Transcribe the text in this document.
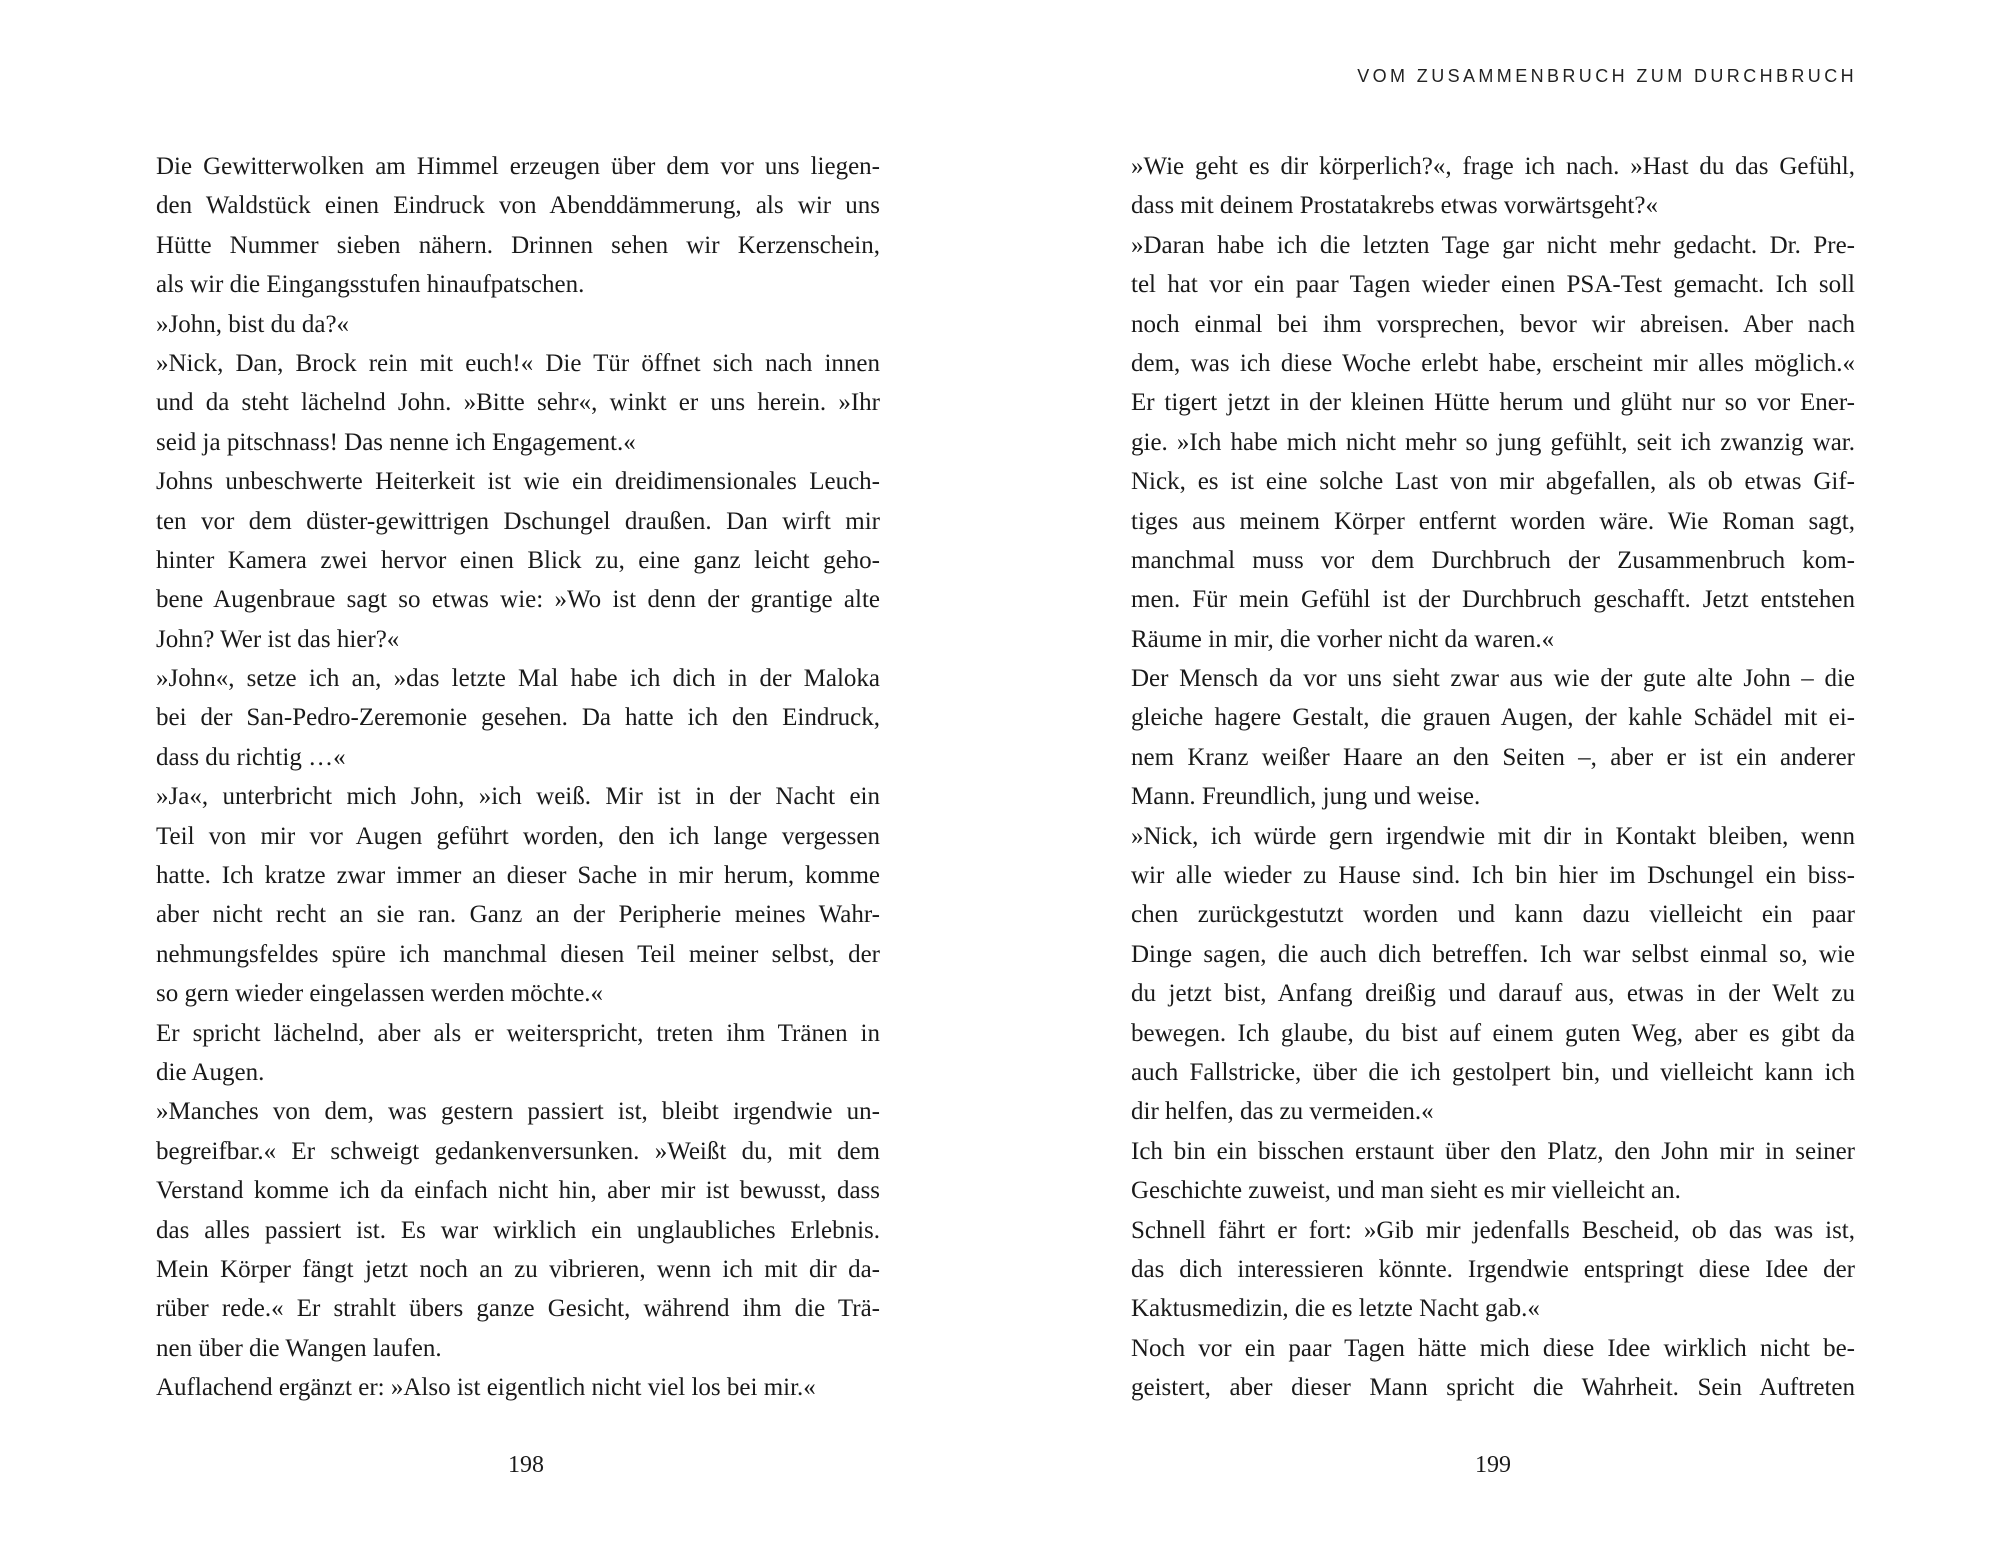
VOM ZUSAMMENBRUCH ZUM DURCHBRUCH
Die Gewitterwolken am Himmel erzeugen über dem vor uns liegen-
den Waldstück einen Eindruck von Abenddämmerung, als wir uns
Hütte Nummer sieben nähern. Drinnen sehen wir Kerzenschein,
als wir die Eingangsstufen hinaufpatschen.
»John, bist du da?«
»Nick, Dan, Brock rein mit euch!« Die Tür öffnet sich nach innen
und da steht lächelnd John. »Bitte sehr«, winkt er uns herein. »Ihr
seid ja pitschnass! Das nenne ich Engagement.«
Johns unbeschwerte Heiterkeit ist wie ein dreidimensionales Leuch-
ten vor dem düster-gewittrigen Dschungel draußen. Dan wirft mir
hinter Kamera zwei hervor einen Blick zu, eine ganz leicht geho-
bene Augenbraue sagt so etwas wie: »Wo ist denn der grantige alte
John? Wer ist das hier?«
»John«, setze ich an, »das letzte Mal habe ich dich in der Maloka
bei der San-Pedro-Zeremonie gesehen. Da hatte ich den Eindruck,
dass du richtig …«
»Ja«, unterbricht mich John, »ich weiß. Mir ist in der Nacht ein
Teil von mir vor Augen geführt worden, den ich lange vergessen
hatte. Ich kratze zwar immer an dieser Sache in mir herum, komme
aber nicht recht an sie ran. Ganz an der Peripherie meines Wahr-
nehmungsfeldes spüre ich manchmal diesen Teil meiner selbst, der
so gern wieder eingelassen werden möchte.«
Er spricht lächelnd, aber als er weiterspricht, treten ihm Tränen in
die Augen.
»Manches von dem, was gestern passiert ist, bleibt irgendwie un-
begreifbar.« Er schweigt gedankenversunken. »Weißt du, mit dem
Verstand komme ich da einfach nicht hin, aber mir ist bewusst, dass
das alles passiert ist. Es war wirklich ein unglaubliches Erlebnis.
Mein Körper fängt jetzt noch an zu vibrieren, wenn ich mit dir da-
rüber rede.« Er strahlt übers ganze Gesicht, während ihm die Trä-
nen über die Wangen laufen.
Auflachend ergänzt er: »Also ist eigentlich nicht viel los bei mir.«
»Wie geht es dir körperlich?«, frage ich nach. »Hast du das Gefühl,
dass mit deinem Prostatakrebs etwas vorwärtsgeht?«
»Daran habe ich die letzten Tage gar nicht mehr gedacht. Dr. Pre-
tel hat vor ein paar Tagen wieder einen PSA-Test gemacht. Ich soll
noch einmal bei ihm vorsprechen, bevor wir abreisen. Aber nach
dem, was ich diese Woche erlebt habe, erscheint mir alles möglich.«
Er tigert jetzt in der kleinen Hütte herum und glüht nur so vor Ener-
gie. »Ich habe mich nicht mehr so jung gefühlt, seit ich zwanzig war.
Nick, es ist eine solche Last von mir abgefallen, als ob etwas Gif-
tiges aus meinem Körper entfernt worden wäre. Wie Roman sagt,
manchmal muss vor dem Durchbruch der Zusammenbruch kom-
men. Für mein Gefühl ist der Durchbruch geschafft. Jetzt entstehen
Räume in mir, die vorher nicht da waren.«
Der Mensch da vor uns sieht zwar aus wie der gute alte John – die
gleiche hagere Gestalt, die grauen Augen, der kahle Schädel mit ei-
nem Kranz weißer Haare an den Seiten –, aber er ist ein anderer
Mann. Freundlich, jung und weise.
»Nick, ich würde gern irgendwie mit dir in Kontakt bleiben, wenn
wir alle wieder zu Hause sind. Ich bin hier im Dschungel ein biss-
chen zurückgestutzt worden und kann dazu vielleicht ein paar
Dinge sagen, die auch dich betreffen. Ich war selbst einmal so, wie
du jetzt bist, Anfang dreißig und darauf aus, etwas in der Welt zu
bewegen. Ich glaube, du bist auf einem guten Weg, aber es gibt da
auch Fallstricke, über die ich gestolpert bin, und vielleicht kann ich
dir helfen, das zu vermeiden.«
Ich bin ein bisschen erstaunt über den Platz, den John mir in seiner
Geschichte zuweist, und man sieht es mir vielleicht an.
Schnell fährt er fort: »Gib mir jedenfalls Bescheid, ob das was ist,
das dich interessieren könnte. Irgendwie entspringt diese Idee der
Kaktusmedizin, die es letzte Nacht gab.«
Noch vor ein paar Tagen hätte mich diese Idee wirklich nicht be-
geistert, aber dieser Mann spricht die Wahrheit. Sein Auftreten
198	199
